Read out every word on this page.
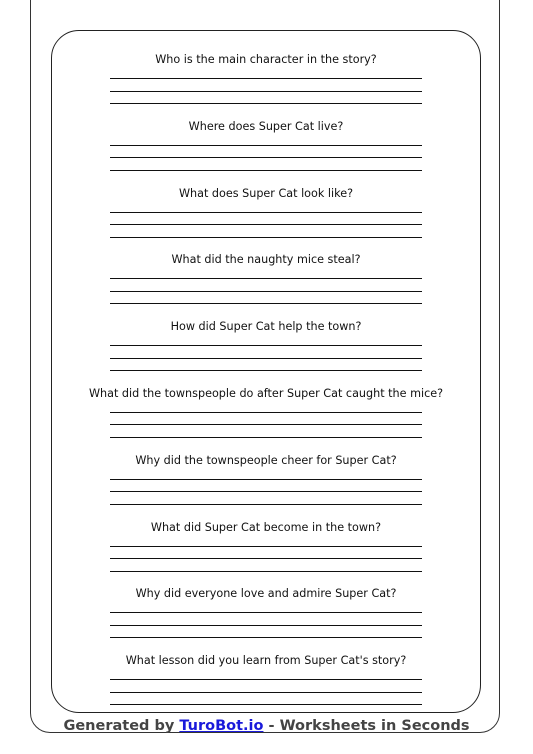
Who is the main character in the story?

Where does Super Cat live?

What does Super Cat look like?

What did the naughty mice steal?

How did Super Cat help the town?

What did the townspeople do after Super Cat caught the mice?

Why did the townspeople cheer for Super Cat?

What did Super Cat become in the town?

Why did everyone love and admire Super Cat?

What lesson did you learn from Super Cat's story?

Generated by TuroBot.io - Worksheets in Seconds
